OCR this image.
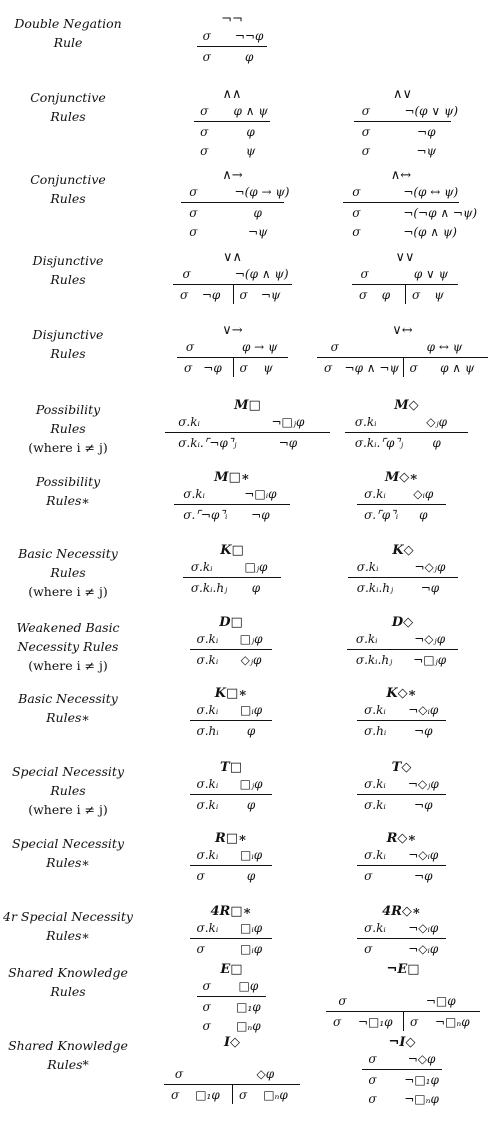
Double Negation
Rule
¬¬
σ	¬¬φ
σ	φ
Conjunctive
Rules
∧∧
σ	φ ∧ ψ
σ	φ
σ	ψ
∧∨
σ	¬(φ ∨ ψ)
σ	¬φ
σ	¬ψ
Conjunctive
Rules
∧→
σ	¬(φ → ψ)
σ	φ
σ	¬ψ
∧↔
σ	¬(φ ↔ ψ)
σ	¬(¬φ ∧ ¬ψ)
σ	¬(φ ∧ ψ)
Disjunctive
Rules
∨∧
σ	¬(φ ∧ ψ)
σ	¬φ	σ	¬ψ
∨∨
σ	φ ∨ ψ
σ	φ	σ	ψ
Disjunctive
Rules
∨→
σ	φ → ψ
σ ¬φ	σ	ψ
∨↔
σ	φ ↔ ψ
σ	¬φ ∧ ¬ψ σ	φ ∧ ψ
Possibility
Rules
(where i ≠ j)
M□
σ.kᵢ	¬□ⱼφ
σ.kᵢ.⌜¬φ⌝ⱼ	¬φ
M◇
σ.kᵢ	◇ⱼφ
σ.kᵢ.⌜φ⌝ⱼ	φ
Possibility
Rules∗
M□∗
σ.kᵢ	¬□ᵢφ
σ.⌜¬φ⌝ᵢ	¬φ
M◇∗
σ.kᵢ	◇ᵢφ
σ.⌜φ⌝ᵢ	φ
Basic Necessity
Rules
(where i ≠ j)
K□
σ.kᵢ	□ⱼφ
σ.kᵢ.hⱼ	φ
K◇
σ.kᵢ	¬◇ⱼφ
σ.kᵢ.hⱼ	¬φ
Weakened Basic
Necessity Rules
(where i ≠ j)
D□
σ.kᵢ	□ⱼφ
σ.kᵢ	◇ⱼφ
D◇
σ.kᵢ	¬◇ⱼφ
σ.kᵢ.hⱼ	¬□ⱼφ
Basic Necessity
Rules∗
K□∗
σ.kᵢ	□ᵢφ
σ.hᵢ	φ
K◇∗
σ.kᵢ	¬◇ᵢφ
σ.hᵢ	¬φ
Special Necessity
Rules
(where i ≠ j)
T□
σ.kᵢ	□ⱼφ
σ.kᵢ	φ
T◇
σ.kᵢ	¬◇ⱼφ
σ.kᵢ	¬φ
Special Necessity
Rules∗
R□∗
σ.kᵢ	□ᵢφ
σ	φ
R◇∗
σ.kᵢ	¬◇ᵢφ
σ	¬φ
4r Special Necessity
Rules∗
4R□∗
σ.kᵢ	□ᵢφ
σ	□ᵢφ
4R◇∗
σ.kᵢ	¬◇ᵢφ
σ	¬◇ᵢφ
Shared Knowledge
Rules
E□
σ	□φ
σ	□₁φ
σ	□ₙφ
¬E□
σ	¬□φ
σ	¬□₁φ	σ	¬□ₙφ
Shared Knowledge
Rules*
I◇
σ	◇φ
σ	□₁φ	σ	□ₙφ
¬I◇
σ	¬◇φ
σ	¬□₁φ
σ	¬□ₙφ
